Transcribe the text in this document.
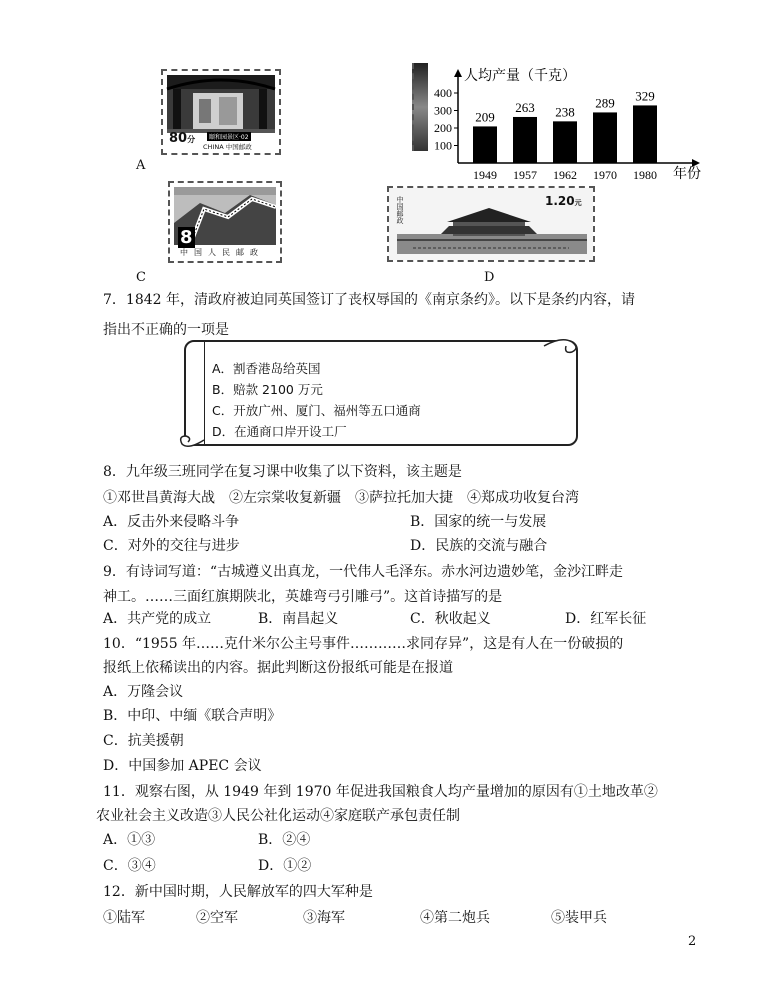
80分	颐和园景区·02
CHINA 中国邮政
A
人均产量（千克）
400
300
200
100
209
1949
263
1957
238
1962
289
1970
329
1980 年份
8
中国人民邮政
C
1.20元
中国邮政
D
7．1842 年，清政府被迫同英国签订了丧权辱国的《南京条约》。以下是条约内容，请
指出不正确的一项是
A．割香港岛给英国
B．赔款 2100 万元
C．开放广州、厦门、福州等五口通商
D．在通商口岸开设工厂
8．九年级三班同学在复习课中收集了以下资料，该主题是
①邓世昌黄海大战　②左宗棠收复新疆　③萨拉托加大捷　④郑成功收复台湾
A．反击外来侵略斗争	B．国家的统一与发展
C．对外的交往与进步	D．民族的交流与融合
9．有诗词写道：“古城遵义出真龙，一代伟人毛泽东。赤水河边遗妙笔，金沙江畔走
神工。……三面红旗期陕北，英雄弯弓引雕弓”。这首诗描写的是
A．共产党的成立	B．南昌起义	C．秋收起义	D．红军长征
10．“1955 年……克什米尔公主号事件…………求同存异”，这是有人在一份破损的
报纸上依稀读出的内容。据此判断这份报纸可能是在报道
A．万隆会议
B．中印、中缅《联合声明》
C．抗美援朝
D．中国参加 APEC 会议
11．观察右图，从 1949 年到 1970 年促进我国粮食人均产量增加的原因有①土地改革②
农业社会主义改造③人民公社化运动④家庭联产承包责任制
A．①③	B．②④
C．③④	D．①②
12．新中国时期，人民解放军的四大军种是
①陆军	②空军	③海军	④第二炮兵	⑤装甲兵
2
